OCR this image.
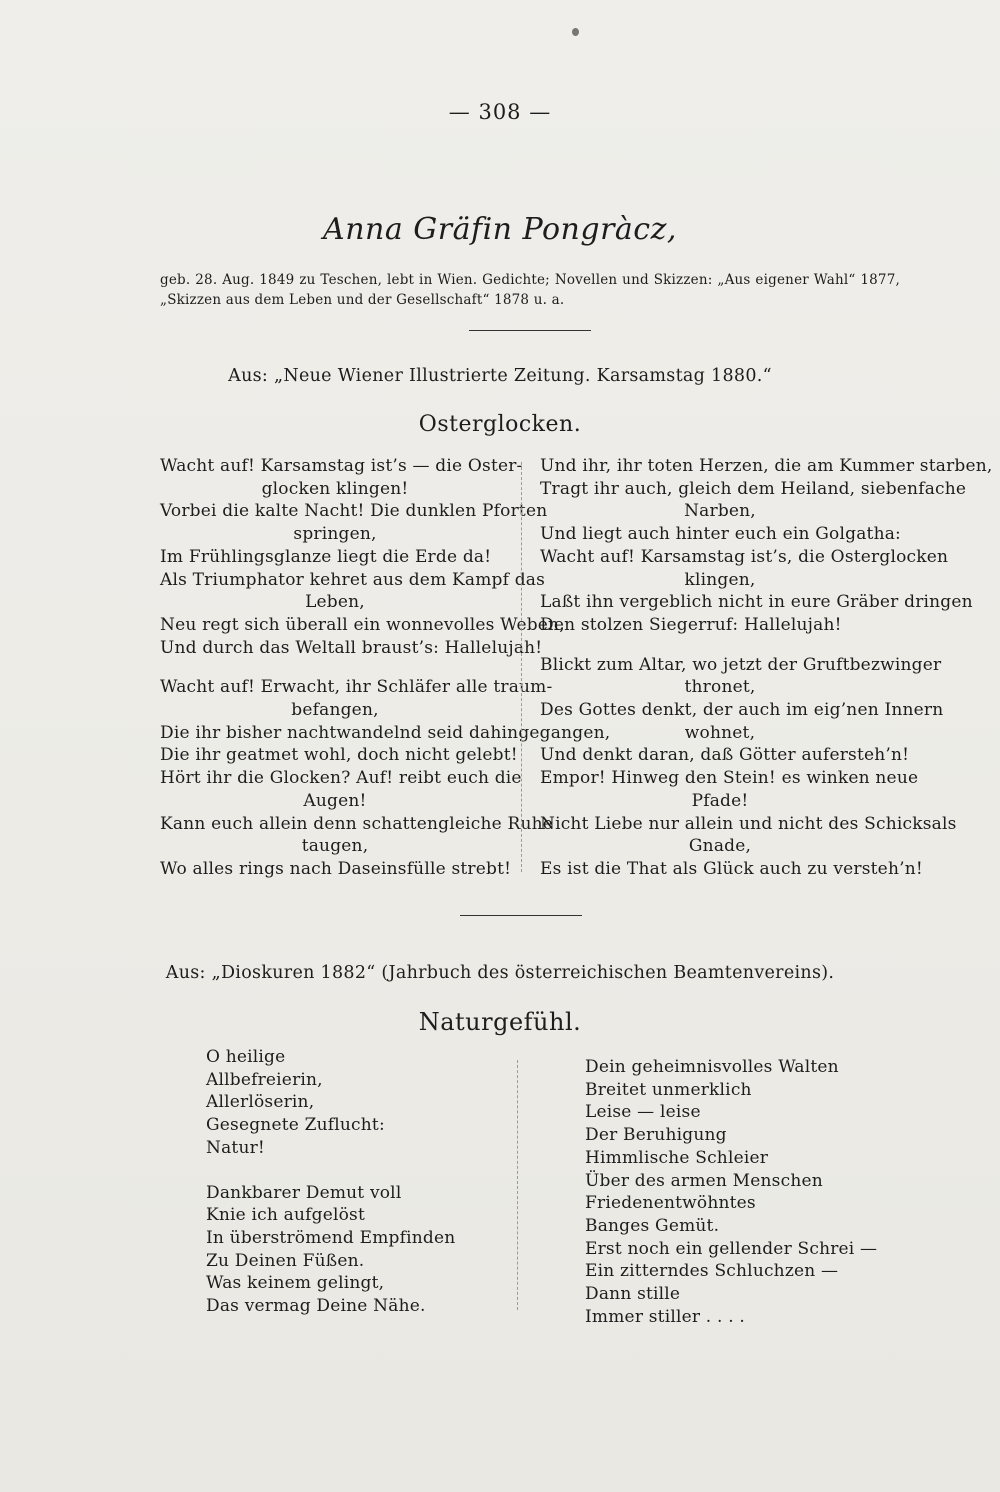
— 308 —
Anna Gräfin Pongràcz,
geb. 28. Aug. 1849 zu Teschen, lebt in Wien. Gedichte; Novellen und Skizzen: „Aus eigener Wahl“ 1877, „Skizzen aus dem Leben und der Gesellschaft“ 1878 u. a.
Aus: „Neue Wiener Illustrierte Zeitung. Karsamstag 1880.“
Osterglocken.
Wacht auf! Karsamstag ist’s — die Oster-
glocken klingen!
Vorbei die kalte Nacht! Die dunklen Pforten
springen,
Im Frühlingsglanze liegt die Erde da!
Als Triumphator kehret aus dem Kampf das
Leben,
Neu regt sich überall ein wonnevolles Weben,
Und durch das Weltall braust’s: Hallelujah!
Wacht auf! Erwacht, ihr Schläfer alle traum-
befangen,
Die ihr bisher nachtwandelnd seid dahingegangen,
Die ihr geatmet wohl, doch nicht gelebt!
Hört ihr die Glocken? Auf! reibt euch die
Augen!
Kann euch allein denn schattengleiche Ruhe
taugen,
Wo alles rings nach Daseinsfülle strebt!
Und ihr, ihr toten Herzen, die am Kummer starben,
Tragt ihr auch, gleich dem Heiland, siebenfache
Narben,
Und liegt auch hinter euch ein Golgatha:
Wacht auf! Karsamstag ist’s, die Osterglocken
klingen,
Laßt ihn vergeblich nicht in eure Gräber dringen
Den stolzen Siegerruf: Hallelujah!
Blickt zum Altar, wo jetzt der Gruftbezwinger
thronet,
Des Gottes denkt, der auch im eig’nen Innern
wohnet,
Und denkt daran, daß Götter aufersteh’n!
Empor! Hinweg den Stein! es winken neue
Pfade!
Nicht Liebe nur allein und nicht des Schicksals
Gnade,
Es ist die That als Glück auch zu versteh’n!
Aus: „Dioskuren 1882“ (Jahrbuch des österreichischen Beamtenvereins).
Naturgefühl.
O heilige
Allbefreierin,
Allerlöserin,
Gesegnete Zuflucht:
Natur!
Dankbarer Demut voll
Knie ich aufgelöst
In überströmend Empfinden
Zu Deinen Füßen.
Was keinem gelingt,
Das vermag Deine Nähe.
Dein geheimnisvolles Walten
Breitet unmerklich
Leise — leise
Der Beruhigung
Himmlische Schleier
Über des armen Menschen
Friedenentwöhntes
Banges Gemüt.
Erst noch ein gellender Schrei —
Ein zitterndes Schluchzen —
Dann stille
Immer stiller . . . .
